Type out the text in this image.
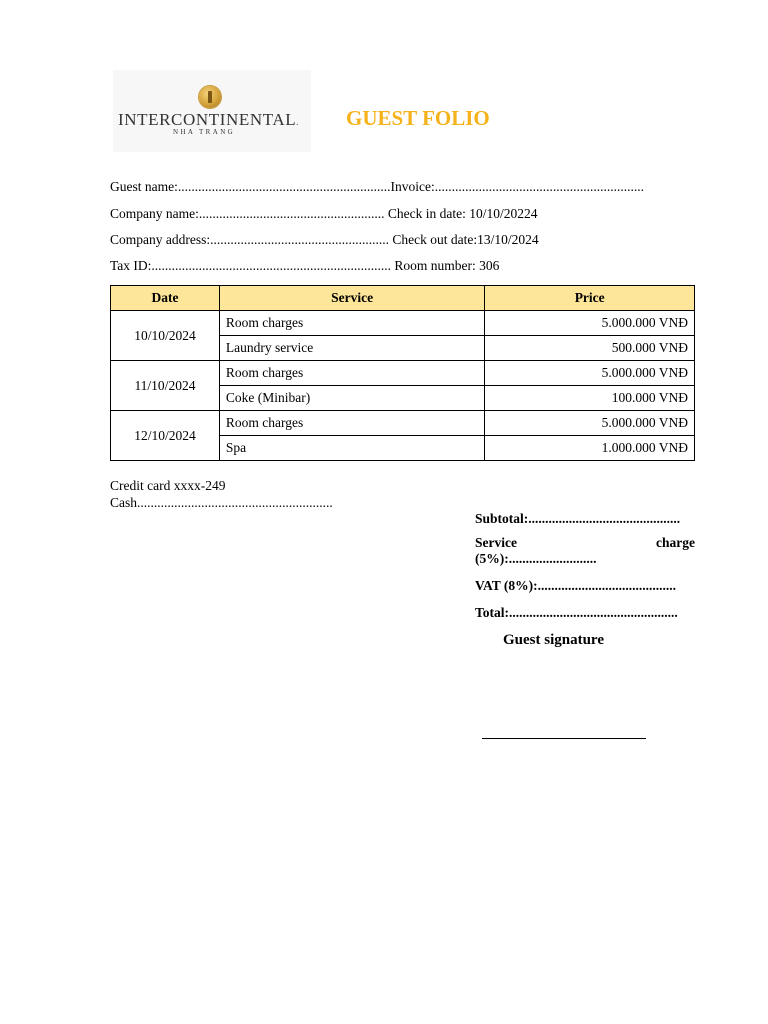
INTERCONTINENTAL.
NHA TRANG
GUEST FOLIO
Guest name:...............................................................Invoice:..............................................................
Company name:....................................................... Check in date: 10/10/20224
Company address:..................................................... Check out date:13/10/2024
Tax ID:....................................................................... Room number: 306
Date	Service	Price
10/10/2024	Room charges	5.000.000 VNĐ
	Laundry service	500.000 VNĐ
11/10/2024	Room charges	5.000.000 VNĐ
	Coke (Minibar)	100.000 VNĐ
12/10/2024	Room charges	5.000.000 VNĐ
	Spa	1.000.000 VNĐ
Credit card xxxx-249
Cash..........................................................
Subtotal:.............................................
Service	charge
(5%):..........................
VAT (8%):.........................................
Total:..................................................
Guest signature
